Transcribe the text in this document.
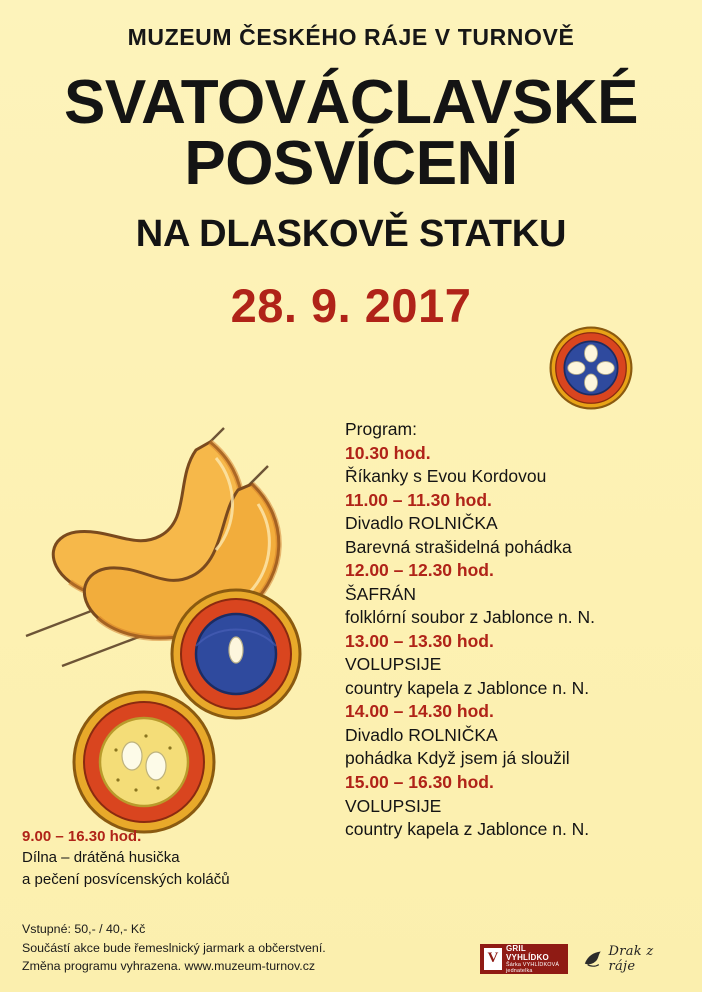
MUZEUM ČESKÉHO RÁJE V TURNOVĚ
SVATOVÁCLAVSKÉ
POSVÍCENÍ
NA DLASKOVĚ STATKU
28. 9. 2017
Program:
10.30 hod.
Říkanky s Evou Kordovou
11.00 – 11.30 hod.
Divadlo ROLNIČKA
Barevná strašidelná pohádka
12.00 – 12.30 hod.
ŠAFRÁN
folklórní soubor z Jablonce n. N.
13.00 – 13.30 hod.
VOLUPSIJE
country kapela z Jablonce n. N.
14.00 – 14.30 hod.
Divadlo ROLNIČKA
pohádka Když jsem já sloužil
15.00 – 16.30 hod.
VOLUPSIJE
country kapela z Jablonce n. N.
9.00 – 16.30 hod.
Dílna – drátěná husička
a pečení posvícenských koláčů
Vstupné: 50,- / 40,- Kč
Součástí akce bude řemeslnický jarmark a občerstvení.
Změna programu vyhrazena. www.muzeum-turnov.cz	V
GRIL VYHLÍDKO
Šárka VYHLÍDKOVÁ jednatelka
Drak z ráje
